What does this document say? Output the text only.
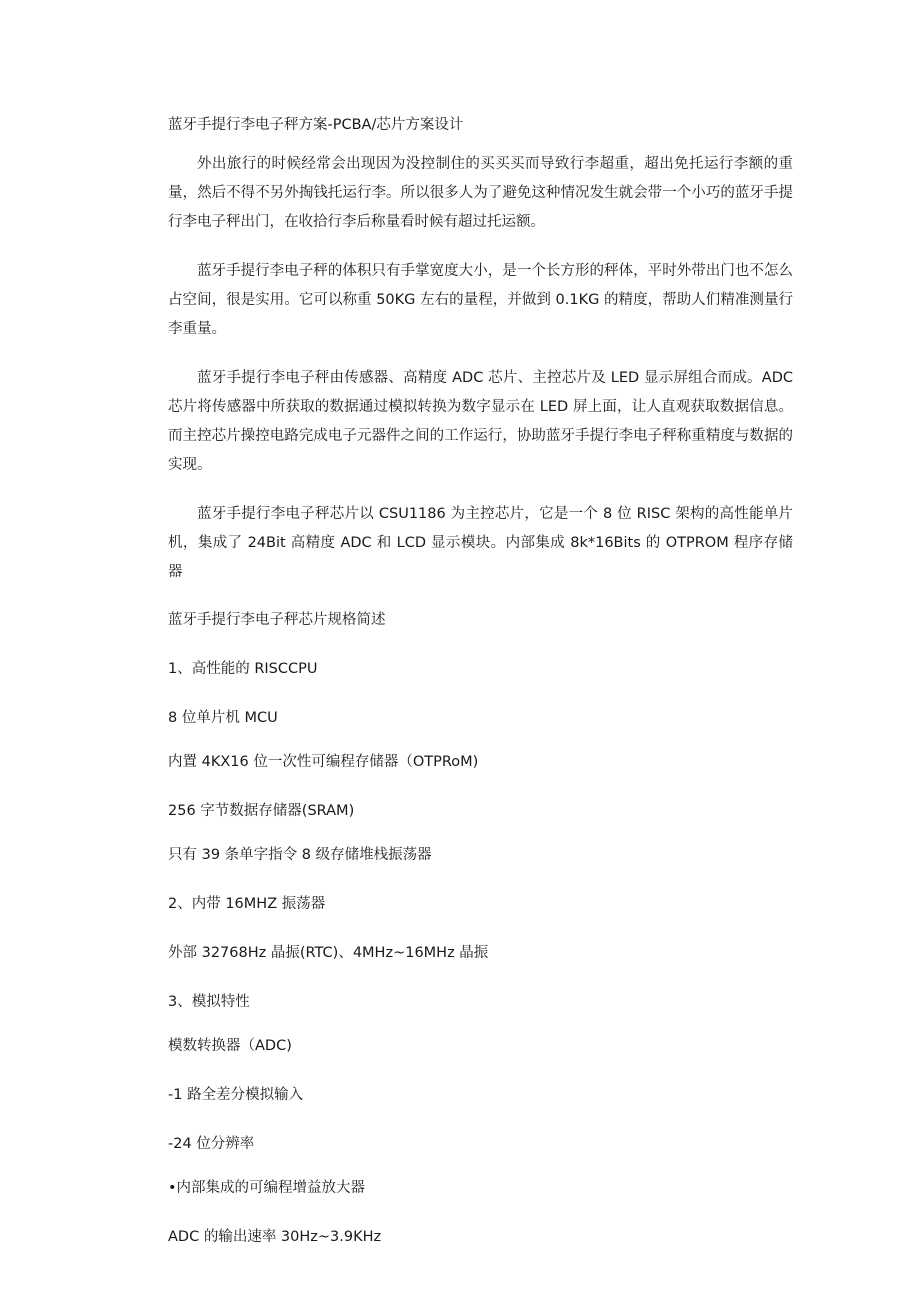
蓝牙手提行李电子秤方案-PCBA/芯片方案设计

外出旅行的时候经常会出现因为没控制住的买买买而导致行李超重，超出免托运行李额的重量，然后不得不另外掏钱托运行李。所以很多人为了避免这种情况发生就会带一个小巧的蓝牙手提行李电子秤出门，在收拾行李后称量看时候有超过托运额。

蓝牙手提行李电子秤的体积只有手掌宽度大小，是一个长方形的秤体，平时外带出门也不怎么占空间，很是实用。它可以称重 50KG 左右的量程，并做到 0.1KG 的精度，帮助人们精准测量行李重量。

蓝牙手提行李电子秤由传感器、高精度 ADC 芯片、主控芯片及 LED 显示屏组合而成。ADC 芯片将传感器中所获取的数据通过模拟转换为数字显示在 LED 屏上面，让人直观获取数据信息。而主控芯片操控电路完成电子元器件之间的工作运行，协助蓝牙手提行李电子秤称重精度与数据的实现。

蓝牙手提行李电子秤芯片以 CSU1186 为主控芯片，它是一个 8 位 RISC 架构的高性能单片机，集成了 24Bit 高精度 ADC 和 LCD 显示模块。内部集成 8k*16Bits 的 OTPROM 程序存储器

蓝牙手提行李电子秤芯片规格简述
1、高性能的 RISCCPU
8 位单片机 MCU
内置 4KX16 位一次性可编程存储器（OTPRoM)
256 字节数据存储器(SRAM)
只有 39 条单字指令 8 级存储堆栈振荡器
2、内带 16MHZ 振荡器
外部 32768Hz 晶振(RTC)、4MHz~16MHz 晶振
3、模拟特性
模数转换器（ADC)
-1 路全差分模拟输入
-24 位分辨率
•内部集成的可编程增益放大器
ADC 的输出速率 30Hz~3.9KHz
